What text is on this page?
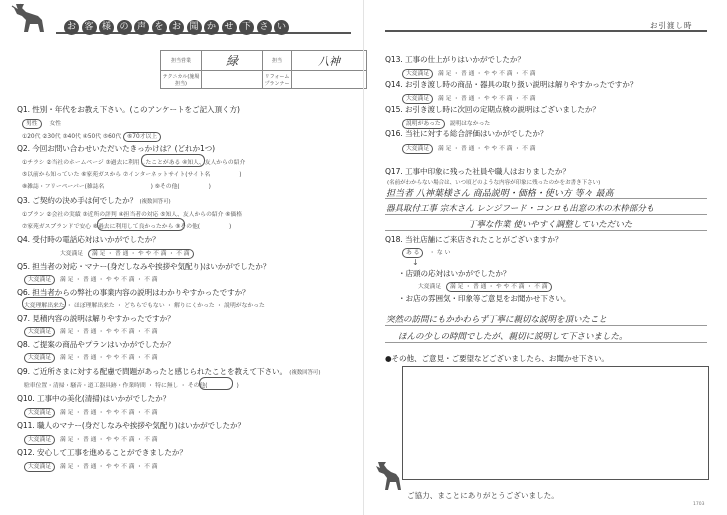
お 客 様 の 声 を お 聞 か せ 下 さ い
担当営業	緑	担当	八神
テクニカル(施場担当)		リフォーム プランナー	
Q1. 性別・年代をお教え下さい。(このアンケートをご記入頂く方)
男性 女性
①20代 ②30代 ③40代 ④50代 ⑤60代 ⑥70才以上
Q2. 今回お問い合わせいただいたきっかけは？(どれか1つ)
①チラシ ②当社のホームページ ③過去に利用したことがある ④知人、友人からの紹介
⑤以前から知っていた ⑥家苑ガスから ⑦インターネットサイト(サイト名　　　　　)
⑧雑誌・フリーペーパー(雑誌名　　　　　　　　) ⑨その他(　　　　　)
Q3. ご契約の決め手は何でしたか？ (複数回答可)
①プラン ②会社の実績 ③近所の評判 ④担当者の対応 ⑤知人、友人からの紹介 ⑥価格
⑦家苑ガスプランドで安心 ⑧過去に利用して良かったから ⑨その他(　　　　　)
Q4. 受付時の電話応対はいかがでしたか？
大変満足 満 足 ・ 普 通 ・ や や 不 満 ・ 不 満
Q5. 担当者の対応・マナー(身だしなみや挨拶や気配り)はいかがでしたか？
大変満足 満 足 ・ 普 通 ・ や や 不 満 ・ 不 満
Q6. 担当者からの弊社の事業内容の説明はわかりやすかったですか？
大変理解出来た ・ ほぼ理解出来た ・ どちらでもない ・ 解りにくかった ・ 説明がなかった
Q7. 見積内容の説明は解りやすかったですか？
大変満足 満 足 ・ 普 通 ・ や や 不 満 ・ 不 満
Q8. ご提案の商品やプランはいかがでしたか？
大変満足 満 足 ・ 普 通 ・ や や 不 満 ・ 不 満
Q9. ご近所さまに対する配慮で問題があったと感じられたことを教えて下さい。 (複数回答可)
駐車位置・清掃・騒音・道工器具跡・作業時間 ・ 特に無し ・ その他(　　　　　)
Q10. 工事中の美化(清掃)はいかがでしたか？
大変満足 満 足 ・ 普 通 ・ や や 不 満 ・ 不 満
Q11. 職人のマナー(身だしなみや挨拶や気配り)はいかがでしたか？
大変満足 満 足 ・ 普 通 ・ や や 不 満 ・ 不 満
Q12. 安心して工事を進めることができましたか？
大変満足 満 足 ・ 普 通 ・ や や 不 満 ・ 不 満
お引渡し時
Q13. 工事の仕上がりはいかがでしたか？
大変満足 満 足 ・ 普 通 ・ や や 不 満 ・ 不 満
Q14. お引き渡し時の商品・器具の取り扱い説明は解りやすかったですか？
大変満足 満 足 ・ 普 通 ・ や や 不 満 ・ 不 満
Q15. お引き渡し時に次回の定期点検の説明はございましたか？
説明があった 説明はなかった
Q16. 当社に対する総合評価はいかがでしたか？
大変満足 満 足 ・ 普 通 ・ や や 不 満 ・ 不 満
Q17. 工事中印象に残った社員や職人はおりましたか？
(名前がわからない場合は、いつ頃どのような内容が印象に残ったのかをお書き下さい)
担当者 八神葉様さん 商品説明・価格・使い方 等々 最高
器具取付工事 宗木さん レンジフード・コンロも出窓の木の木枠部分も
丁寧な作業 使いやすく調整していただいた
Q18. 当社店舗にご来店されたことがございますか？
あ る ・ な い
↓
・店頭の応対はいかがでしたか？
大変満足 満 足 ・ 普 通 ・ や や 不 満 ・ 不 満
・お店の雰囲気・印象等ご意見をお聞かせ下さい。
突然の訪問にもかかわらず丁寧に親切な説明を頂いたこと
ほんの少しの時間でしたが、親切に説明して下さいました。
●その他、ご意見・ご要望などございましたら、お聞かせ下さい。
ご協力、まことにありがとうございました。
1703
